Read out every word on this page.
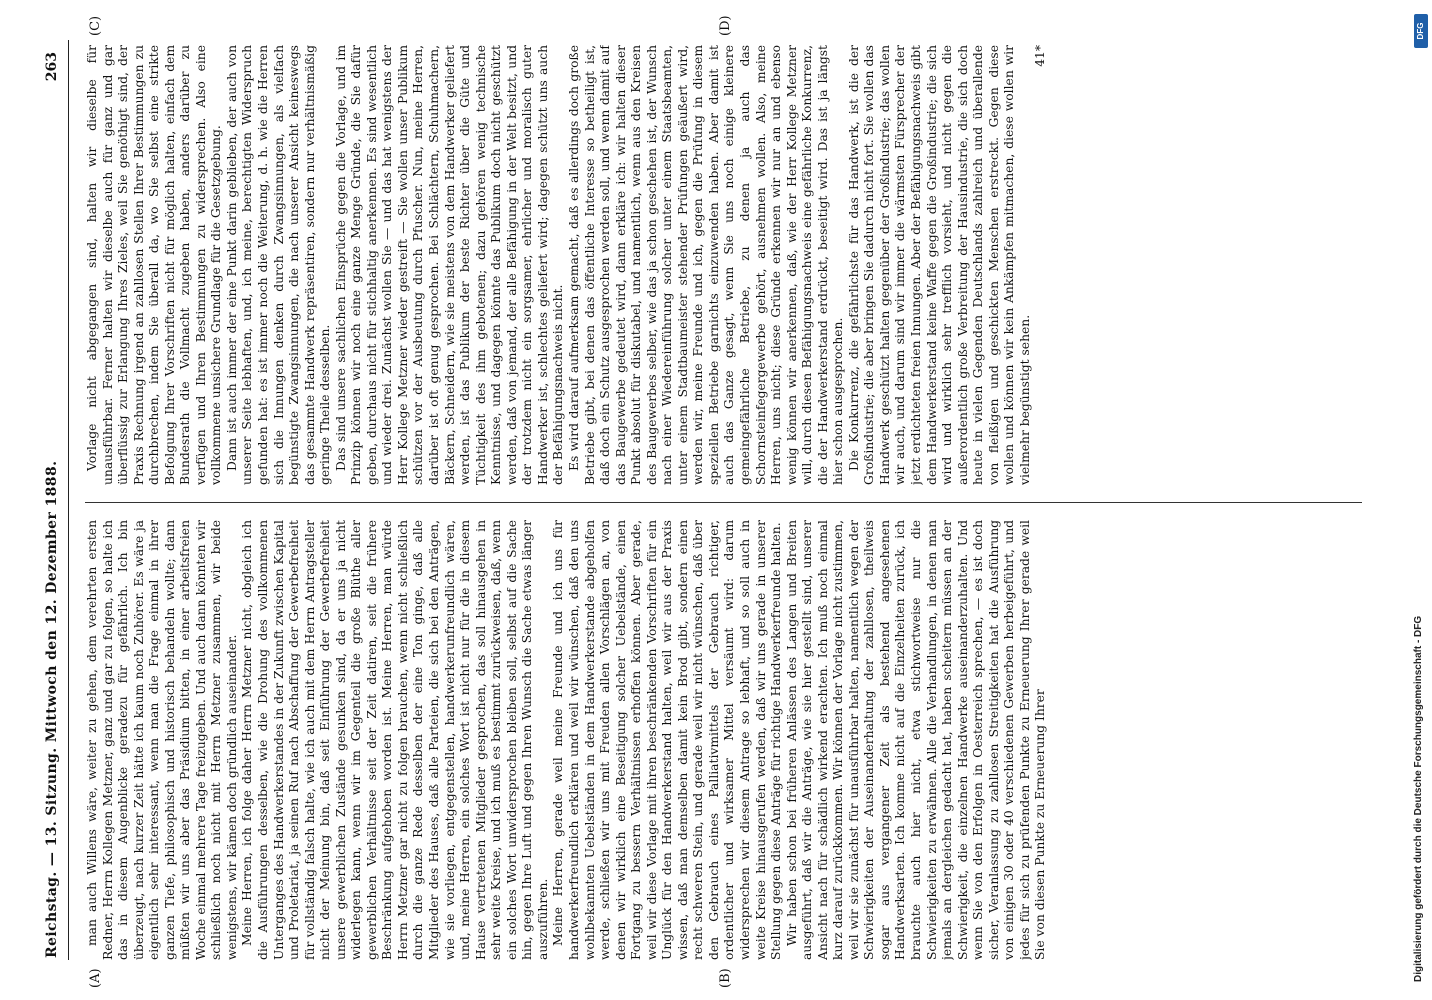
Reichstag. — 13. Sitzung. Mittwoch den 12. Dezember 1888.
263
(A)	(B)
(C)	(D)

man auch Willens wäre, weiter zu gehen, dem verehrten ersten Redner, Herrn Kollegen Metzner, ganz und gar zu folgen, so halte ich das in diesem Augenblicke geradezu für gefährlich. Ich bin überzeugt, nach kurzer Zeit hätte ich kaum noch Zuhörer. Es wäre ja eigentlich sehr interessant, wenn man die Frage einmal in ihrer ganzen Tiefe, philosophisch und historisch behandeln wollte; dann müßten wir uns aber das Präsidium bitten, in einer arbeitsfreien Woche einmal mehrere Tage freizugeben. Und auch dann könnten wir schließlich noch nicht mit Herrn Metzner zusammen, wir beide wenigstens, wir kämen doch gründlich auseinander. Meine Herren, ich folge daher Herrn Metzner nicht, obgleich ich die Ausführungen desselben, wie die Drohung des vollkommenen Unterganges des Handwerkerstandes in der Zukunft zwischen Kapital und Proletariat, ja seinen Ruf nach Abschaffung der Gewerbefreiheit für vollständig falsch halte, wie ich auch mit dem Herrn Antragsteller nicht der Meinung bin, daß seit Einführung der Gewerbefreiheit unsere gewerblichen Zustände gesunken sind, da er uns ja nicht widerlegen kann, wenn wir im Gegenteil die große Blüthe aller gewerblichen Verhältnisse seit der Zeit datiren, seit die frühere Beschränkung aufgehoben worden ist. Meine Herren, man würde Herrn Metzner gar nicht zu folgen brauchen, wenn nicht schließlich durch die ganze Rede desselben der eine Ton ginge, daß alle Mitglieder des Hauses, daß alle Parteien, die sich bei den Anträgen, wie sie vorliegen, entgegenstellen, handwerkerunfreundlich wären, und, meine Herren, ein solches Wort ist nicht nur für die in diesem Hause vertretenen Mitglieder gesprochen, das soll hinausgehen in sehr weite Kreise, und ich muß es bestimmt zurückweisen, daß, wenn ein solches Wort unwidersprochen bleiben soll, selbst auf die Sache hin, gegen Ihre Luft und gegen Ihren Wunsch die Sache etwas länger auszuführen. Meine Herren, gerade weil meine Freunde und ich uns für handwerkerfreundlich erklären und weil wir wünschen, daß den uns wohlbekannten Uebelständen in dem Handwerkerstande abgeholfen werde, schließen wir uns mit Freuden allen Vorschlägen an, von denen wir wirklich eine Beseitigung solcher Uebelstände, einen Fortgang zu bessern Verhältnissen erhoffen können. Aber gerade, weil wir diese Vorlage mit ihren beschränkenden Vorschriften für ein Unglück für den Handwerkerstand halten, weil wir aus der Praxis wissen, daß man demselben damit kein Brod gibt, sondern einen recht schweren Stein, und gerade weil wir nicht wünschen, daß über den Gebrauch eines Palliativmittels der Gebrauch richtiger, ordentlicher und wirksamer Mittel versäumt wird: darum widersprechen wir diesem Antrage so lebhaft, und so soll auch in weite Kreise hinausgerufen werden, daß wir uns gerade in unserer Stellung gegen diese Anträge für richtige Handwerkerfreunde halten. Wir haben schon bei früheren Anlässen des Langen und Breiten ausgeführt, daß wir die Anträge, wie sie hier gestellt sind, unserer Ansicht nach für schädlich wirkend erachten. Ich muß noch einmal kurz darauf zurückkommen. Wir können der Vorlage nicht zustimmen, weil wir sie zunächst für unausführbar halten, namentlich wegen der Schwierigkeiten der Auseinanderhaltung der zahllosen, theilweis sogar aus vergangener Zeit als bestehend angesehenen Handwerksarten. Ich komme nicht auf die Einzelheiten zurück, ich brauchte auch hier nicht, etwa stichwortweise nur die Schwierigkeiten zu erwähnen. Alle die Verhandlungen, in denen man jemals an dergleichen gedacht hat, haben scheitern müssen an der Schwierigkeit, die einzelnen Handwerke auseinanderzuhalten. Und wenn Sie von den Erfolgen in Oesterreich sprechen, — es ist doch sicher, Veranlassung zu zahllosen Streitigkeiten hat die Ausführung von einigen 30 oder 40 verschiedenen Gewerben herbeigeführt, und jedes für sich zu prüfenden Punkte zu Erneuerung Ihrer gerade weil Sie von diesen Punkte zu Erneuerung Ihrer

Vorlage nicht abgegangen sind, halten wir dieselbe für unausführbar. Ferner halten wir dieselbe auch für ganz und gar überflüssig zur Erlangung Ihres Zieles, weil Sie genöthigt sind, der Praxis Rechnung irgend an zahllosen Stellen Ihrer Bestimmungen zu durchbrechen, indem Sie überall da, wo Sie selbst eine strikte Befolgung Ihrer Vorschriften nicht für möglich halten, einfach dem Bundesrath die Vollmacht zugeben haben, anders darüber zu verfügen und Ihren Bestimmungen zu widersprechen. Also eine vollkommene unsichere Grundlage für die Gesetzgebung. Dann ist auch immer der eine Punkt darin geblieben, der auch von unserer Seite lebhaften, und, ich meine, berechtigten Widerspruch gefunden hat: es ist immer noch die Weiterung, d. h. wie die Herren sich die Innungen denken durch Zwangsinnungen, als vielfach begünstigte Zwangsinnungen, die nach unserer Ansicht keineswegs das gesammte Handwerk repräsentiren, sondern nur verhältnismäßig geringe Theile desselben. Das sind unsere sachlichen Einsprüche gegen die Vorlage, und im Prinzip können wir noch eine ganze Menge Gründe, die Sie dafür geben, durchaus nicht für stichhaltig anerkennen. Es sind wesentlich und wieder drei. Zunächst wollen Sie — und das hat wenigstens der Herr Kollege Metzner wieder gestreift — Sie wollen unser Publikum schützen vor der Ausbeutung durch Pfuscher. Nun, meine Herren, darüber ist oft genug gesprochen. Bei Schlächtern, Schuhmachern, Bäckern, Schneidern, wie sie meistens von dem Handwerker geliefert werden, ist das Publikum der beste Richter über die Güte und Tüchtigkeit des ihm gebotenen; dazu gehören wenig technische Kenntnisse, und dagegen könnte das Publikum doch nicht geschützt werden, daß von jemand, der alle Befähigung in der Welt besitzt, und der trotzdem nicht ein sorgsamer, ehrlicher und moralisch guter Handwerker ist, schlechtes geliefert wird; dagegen schützt uns auch der Befähigungsnachweis nicht. Es wird darauf aufmerksam gemacht, daß es allerdings doch große Betriebe gibt, bei denen das öffentliche Interesse so betheiligt ist, daß doch ein Schutz ausgesprochen werden soll, und wenn damit auf das Baugewerbe gedeutet wird, dann erkläre ich: wir halten dieser Punkt absolut für diskutabel, und namentlich, wenn aus den Kreisen des Baugewerbes selber, wie das ja schon geschehen ist, der Wunsch nach einer Wiedereinführung solcher unter einem Staatsbeamten, unter einem Stadtbaumeister stehender Prüfungen geäußert wird, werden wir, meine Freunde und ich, gegen die Prüfung in diesem speziellen Betriebe garnichts einzuwenden haben. Aber damit ist auch das Ganze gesagt, wenn Sie uns noch einige kleinere gemeingefährliche Betriebe, zu denen ja auch das Schornsteinfegergewerbe gehört, ausnehmen wollen. Also, meine Herren, uns nicht; diese Gründe erkennen wir nur an und ebenso wenig können wir anerkennen, daß, wie der Herr Kollege Metzner will, durch diesen Befähigungsnachweis eine gefährliche Konkurrenz, die der Handwerkerstand erdrückt, beseitigt wird. Das ist ja längst hier schon ausgesprochen. Die Konkurrenz, die gefährlichste für das Handwerk, ist die der Großindustrie; die aber bringen Sie dadurch nicht fort. Sie wollen das Handwerk geschützt halten gegenüber der Großindustrie; das wollen wir auch, und darum sind wir immer die wärmsten Fürsprecher der jetzt erdichteten freien Innungen. Aber der Befähigungsnachweis gibt dem Handwerkerstand keine Waffe gegen die Großindustrie; die sich wird und wirklich sehr trefflich vorsieht, und nicht gegen die außerordentlich große Verbreitung der Hausindustrie, die sich doch heute in vielen Gegenden Deutschlands zahlreich und überallende von fleißigen und geschickten Menschen erstreckt. Gegen diese wollen und können wir kein Ankämpfen mitmachen, diese wollen wir vielmehr begünstigt sehen.

41*

Digitalisierung gefördert durch die Deutsche Forschungsgemeinschaft - DFG
DFG
